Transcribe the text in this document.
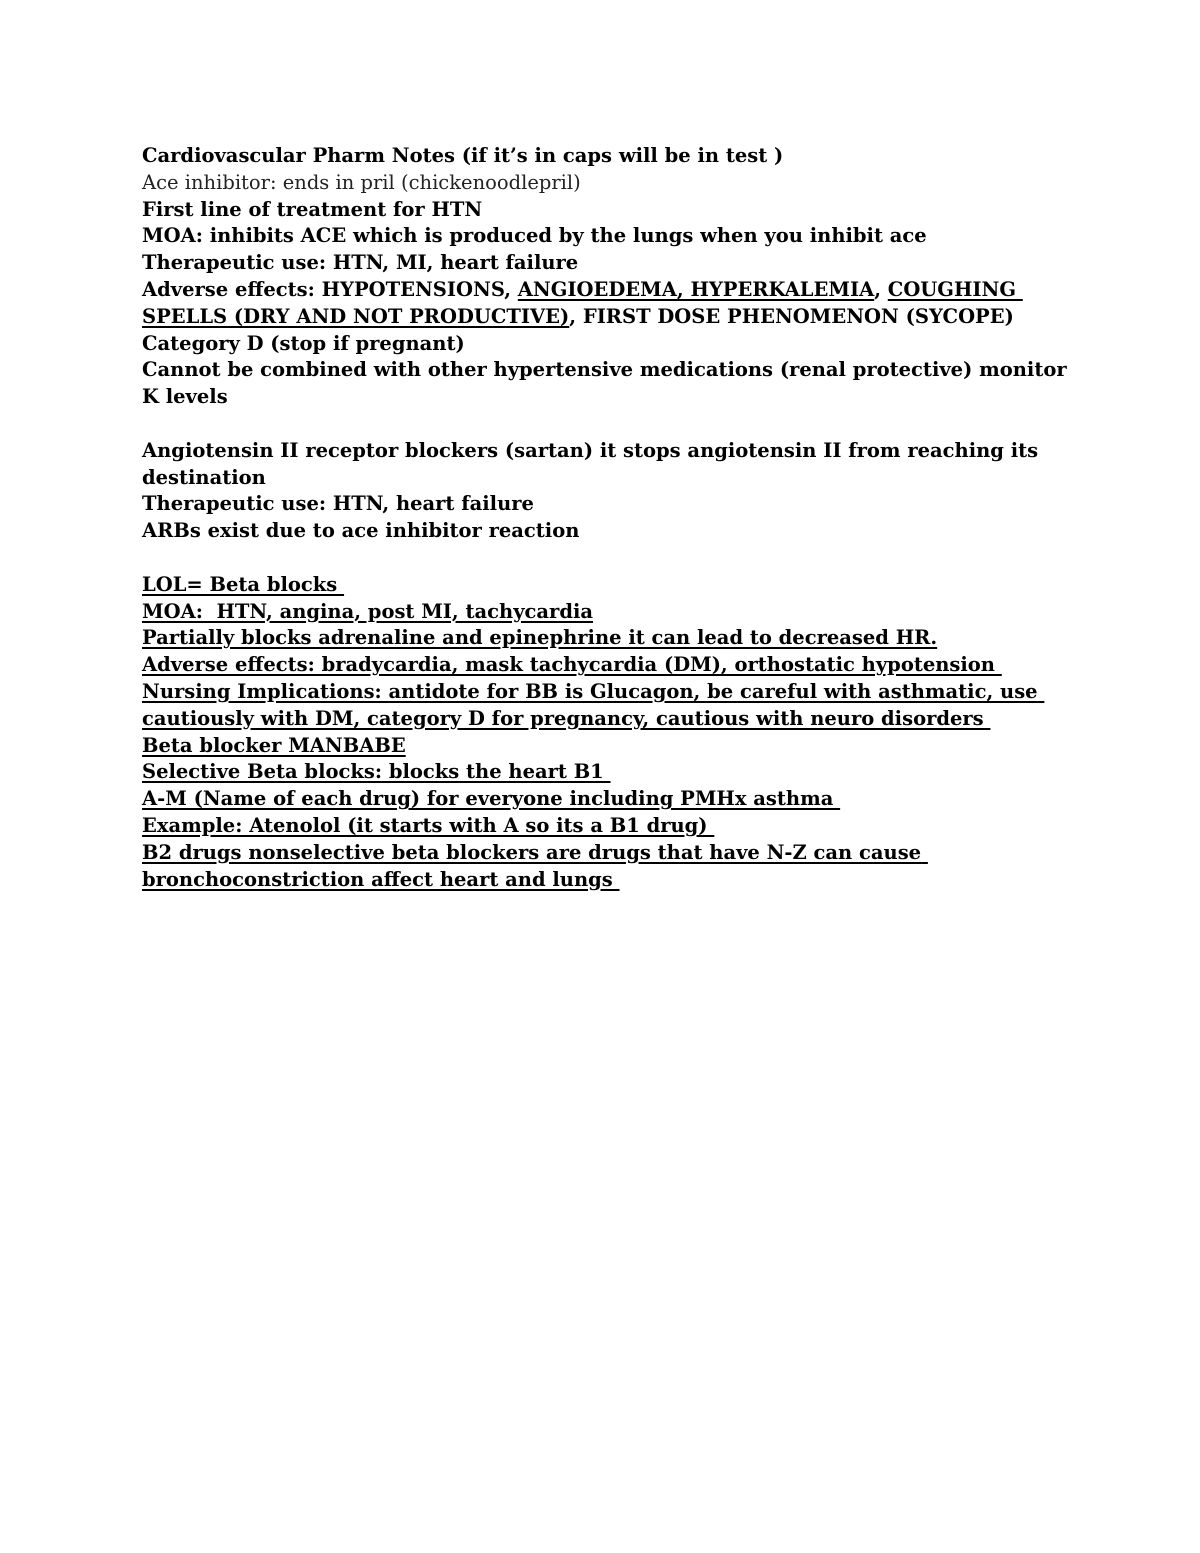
Cardiovascular Pharm Notes (if it’s in caps will be in test )

Ace inhibitor: ends in pril (chickenoodlepril)

First line of treatment for HTN

MOA: inhibits ACE which is produced by the lungs when you inhibit ace

Therapeutic use: HTN, MI, heart failure

Adverse effects: HYPOTENSIONS, ANGIOEDEMA, HYPERKALEMIA, COUGHING SPELLS (DRY AND NOT PRODUCTIVE), FIRST DOSE PHENOMENON (SYCOPE)

Category D (stop if pregnant)

Cannot be combined with other hypertensive medications (renal protective) monitor K levels

Angiotensin II receptor blockers (sartan) it stops angiotensin II from reaching its destination

Therapeutic use: HTN, heart failure

ARBs exist due to ace inhibitor reaction

LOL= Beta blocks

MOA:  HTN, angina, post MI, tachycardia

Partially blocks adrenaline and epinephrine it can lead to decreased HR.

Adverse effects: bradycardia, mask tachycardia (DM), orthostatic hypotension

Nursing Implications: antidote for BB is Glucagon, be careful with asthmatic, use cautiously with DM, category D for pregnancy, cautious with neuro disorders

Beta blocker MANBABE

Selective Beta blocks: blocks the heart B1

A-M (Name of each drug) for everyone including PMHx asthma

Example: Atenolol (it starts with A so its a B1 drug)

B2 drugs nonselective beta blockers are drugs that have N-Z can cause bronchoconstriction affect heart and lungs
